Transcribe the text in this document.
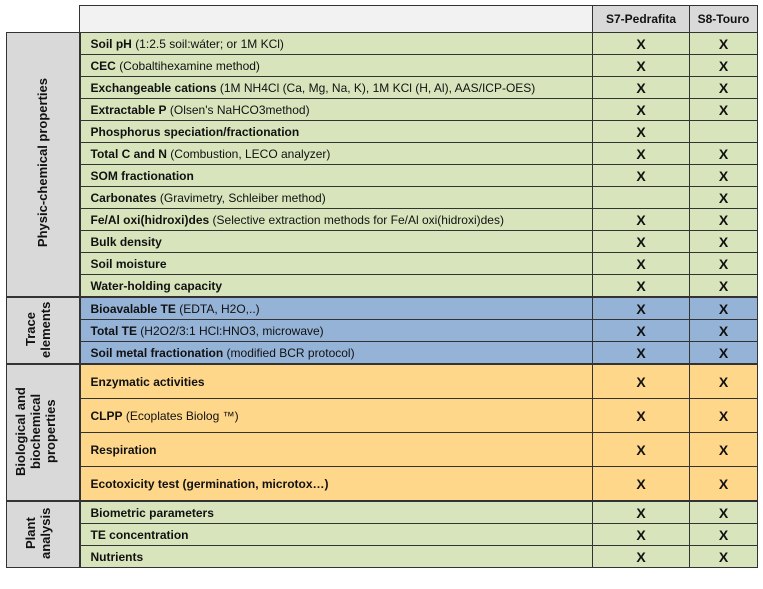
		S7-Pedrafita	S8-Touro
Physic-chemical properties	Soil pH (1:2.5 soil:wáter; or 1M KCl)	X	X
	CEC (Cobaltihexamine method)	X	X
	Exchangeable cations (1M NH4Cl (Ca, Mg, Na, K), 1M KCl (H, Al), AAS/ICP-OES)	X	X
	Extractable P (Olsen's NaHCO3method)	X	X
	Phosphorus speciation/fractionation	X	
	Total C and N (Combustion, LECO analyzer)	X	X
	SOM fractionation	X	X
	Carbonates (Gravimetry, Schleiber method)		X
	Fe/Al oxi(hidroxi)des (Selective extraction methods for Fe/Al oxi(hidroxi)des)	X	X
	Bulk density	X	X
	Soil moisture	X	X
	Water-holding capacity	X	X
Trace elements	Bioavalable TE (EDTA, H2O,..)	X	X
	Total TE (H2O2/3:1 HCl:HNO3, microwave)	X	X
	Soil metal fractionation (modified BCR protocol)	X	X
Biological and biochemical properties	Enzymatic activities	X	X
	CLPP (Ecoplates Biolog ™)	X	X
	Respiration	X	X
	Ecotoxicity test (germination, microtox…)	X	X
Plant analysis	Biometric parameters	X	X
	TE concentration	X	X
	Nutrients	X	X
